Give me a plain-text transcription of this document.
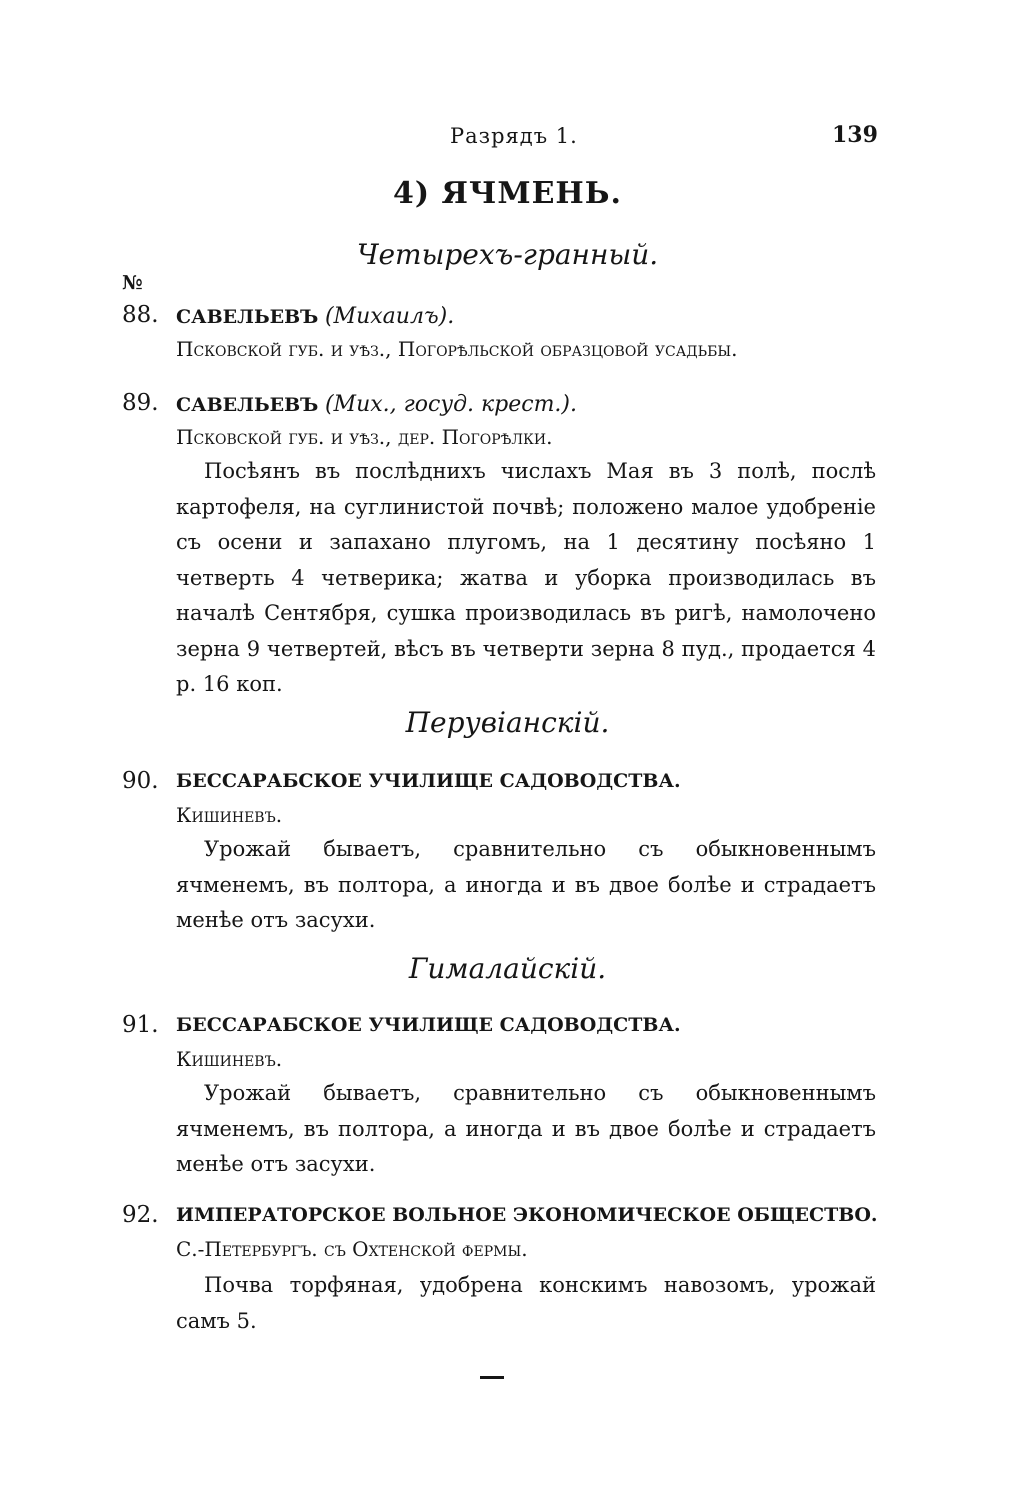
Разрядъ 1.	139
4) ЯЧМЕНЬ.
Четырехъ-гранный.
№
88. САВЕЛЬЕВЪ (Михаилъ).
Псковской губ. и уѣз., Погорѣльской образцовой усадьбы.
89. САВЕЛЬЕВЪ (Мих., госуд. крест.).
Псковской губ. и уѣз., дер. Погорѣлки.
Посѣянъ въ послѣднихъ числахъ Мая въ 3 полѣ, послѣ картофеля, на суглинистой почвѣ; положено малое удобреніе съ осени и запахано плугомъ, на 1 десятину посѣяно 1 четверть 4 четверика; жатва и уборка производилась въ началѣ Сентября, сушка производилась въ ригѣ, намолочено зерна 9 четвертей, вѣсъ въ четверти зерна 8 пуд., продается 4 р. 16 коп.
Перувіанскій.
90. БЕССАРАБСКОЕ УЧИЛИЩЕ САДОВОДСТВА.
Кишиневъ.
Урожай бываетъ, сравнительно съ обыкновеннымъ ячменемъ, въ полтора, а иногда и въ двое болѣе и страдаетъ менѣе отъ засухи.
Гималайскій.
91. БЕССАРАБСКОЕ УЧИЛИЩЕ САДОВОДСТВА.
Кишиневъ.
Урожай бываетъ, сравнительно съ обыкновеннымъ ячменемъ, въ полтора, а иногда и въ двое болѣе и страдаетъ менѣе отъ засухи.
92. ИМПЕРАТОРСКОЕ ВОЛЬНОЕ ЭКОНОМИЧЕСКОЕ ОБЩЕСТВО.
С.-Петербургъ. съ Охтенской фермы.
Почва торфяная, удобрена конскимъ навозомъ, урожай самъ 5.
